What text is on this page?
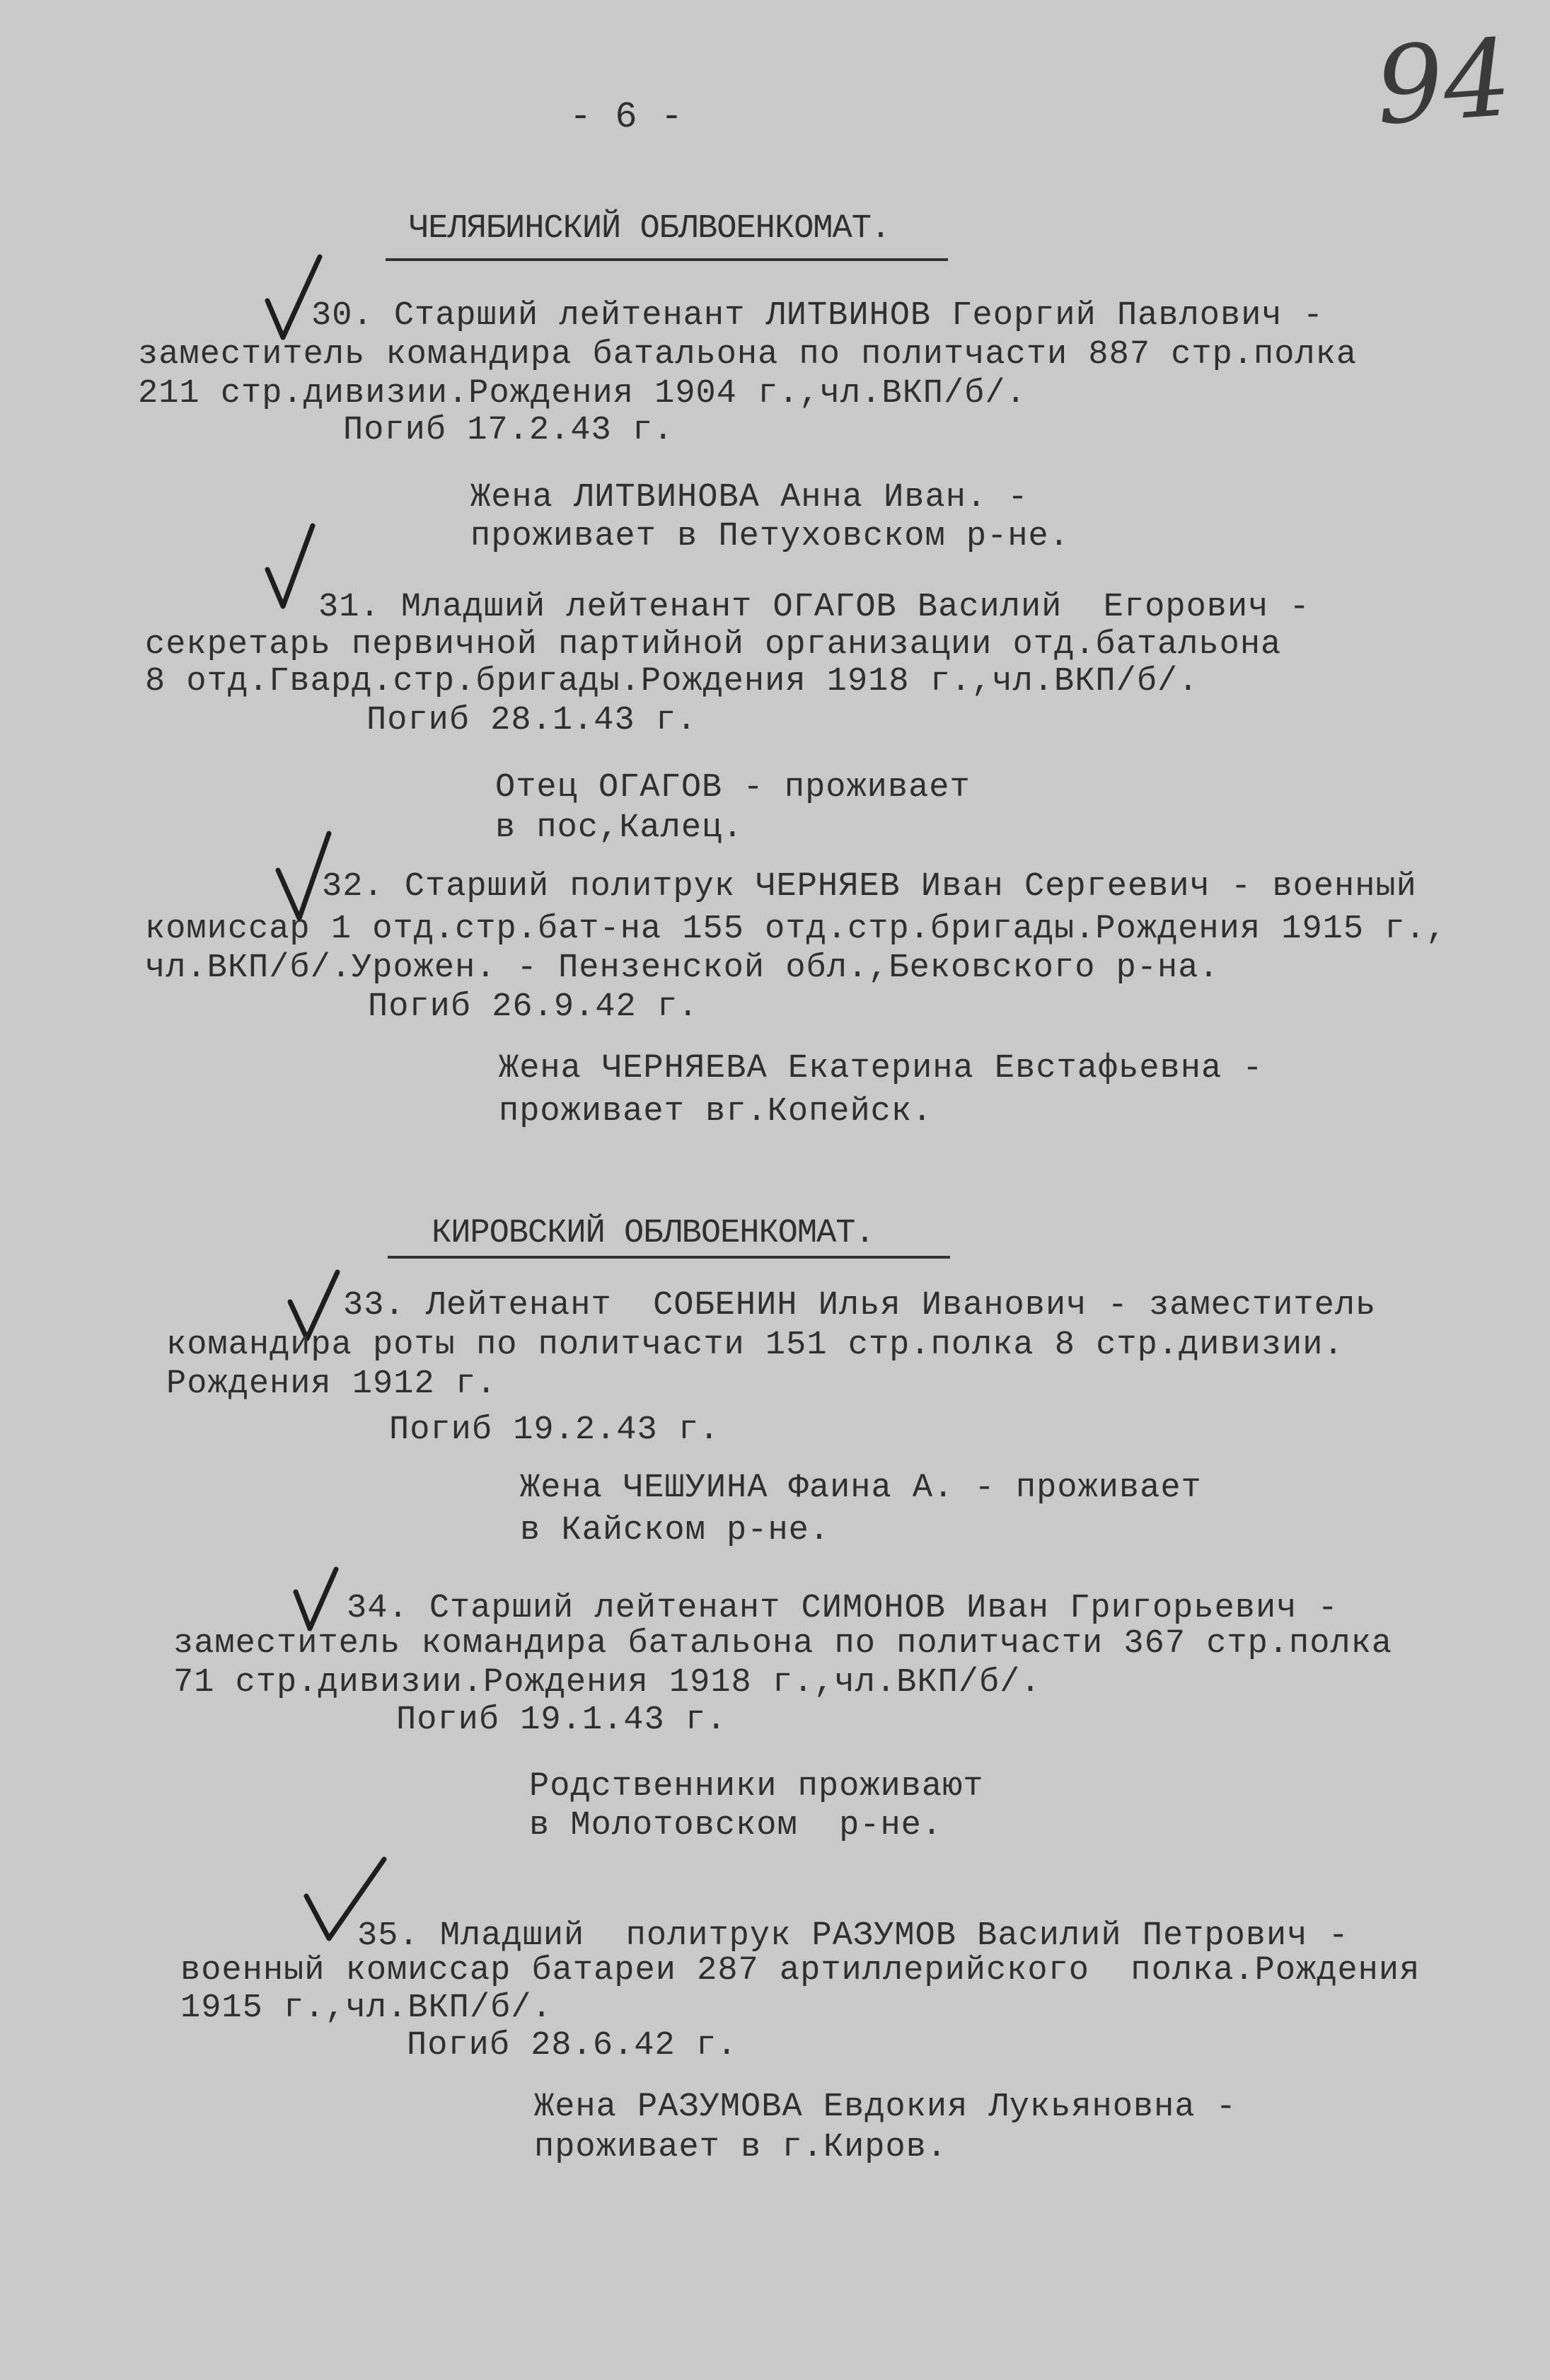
- 6 -	94
ЧЕЛЯБИНСКИЙ ОБЛВОЕНКОМАТ.
30. Старший лейтенант ЛИТВИНОВ Георгий Павлович -
заместитель командира батальона по политчасти 887 стр.полка
211 стр.дивизии.Рождения 1904 г.,чл.ВКП/б/.
Погиб 17.2.43 г.
Жена ЛИТВИНОВА Анна Иван. -
проживает в Петуховском р-не.
31. Младший лейтенант ОГАГОВ Василий  Егорович -
секретарь первичной партийной организации отд.батальона
8 отд.Гвард.стр.бригады.Рождения 1918 г.,чл.ВКП/б/.
Погиб 28.1.43 г.
Отец ОГАГОВ - проживает
в пос,Калец.
32. Старший политрук ЧЕРНЯЕВ Иван Сергеевич - военный
комиссар 1 отд.стр.бат-на 155 отд.стр.бригады.Рождения 1915 г.,
чл.ВКП/б/.Урожен. - Пензенской обл.,Бековского р-на.
Погиб 26.9.42 г.
Жена ЧЕРНЯЕВА Екатерина Евстафьевна -
проживает вг.Копейск.
КИРОВСКИЙ ОБЛВОЕНКОМАТ.
33. Лейтенант  СОБЕНИН Илья Иванович - заместитель
командира роты по политчасти 151 стр.полка 8 стр.дивизии.
Рождения 1912 г.
Погиб 19.2.43 г.
Жена ЧЕШУИНА Фаина А. - проживает
в Кайском р-не.
34. Старший лейтенант СИМОНОВ Иван Григорьевич -
заместитель командира батальона по политчасти 367 стр.полка
71 стр.дивизии.Рождения 1918 г.,чл.ВКП/б/.
Погиб 19.1.43 г.
Родственники проживают
в Молотовском  р-не.
35. Младший  политрук РАЗУМОВ Василий Петрович -
военный комиссар батареи 287 артиллерийского  полка.Рождения
1915 г.,чл.ВКП/б/.
Погиб 28.6.42 г.
Жена РАЗУМОВА Евдокия Лукьяновна -
проживает в г.Киров.
